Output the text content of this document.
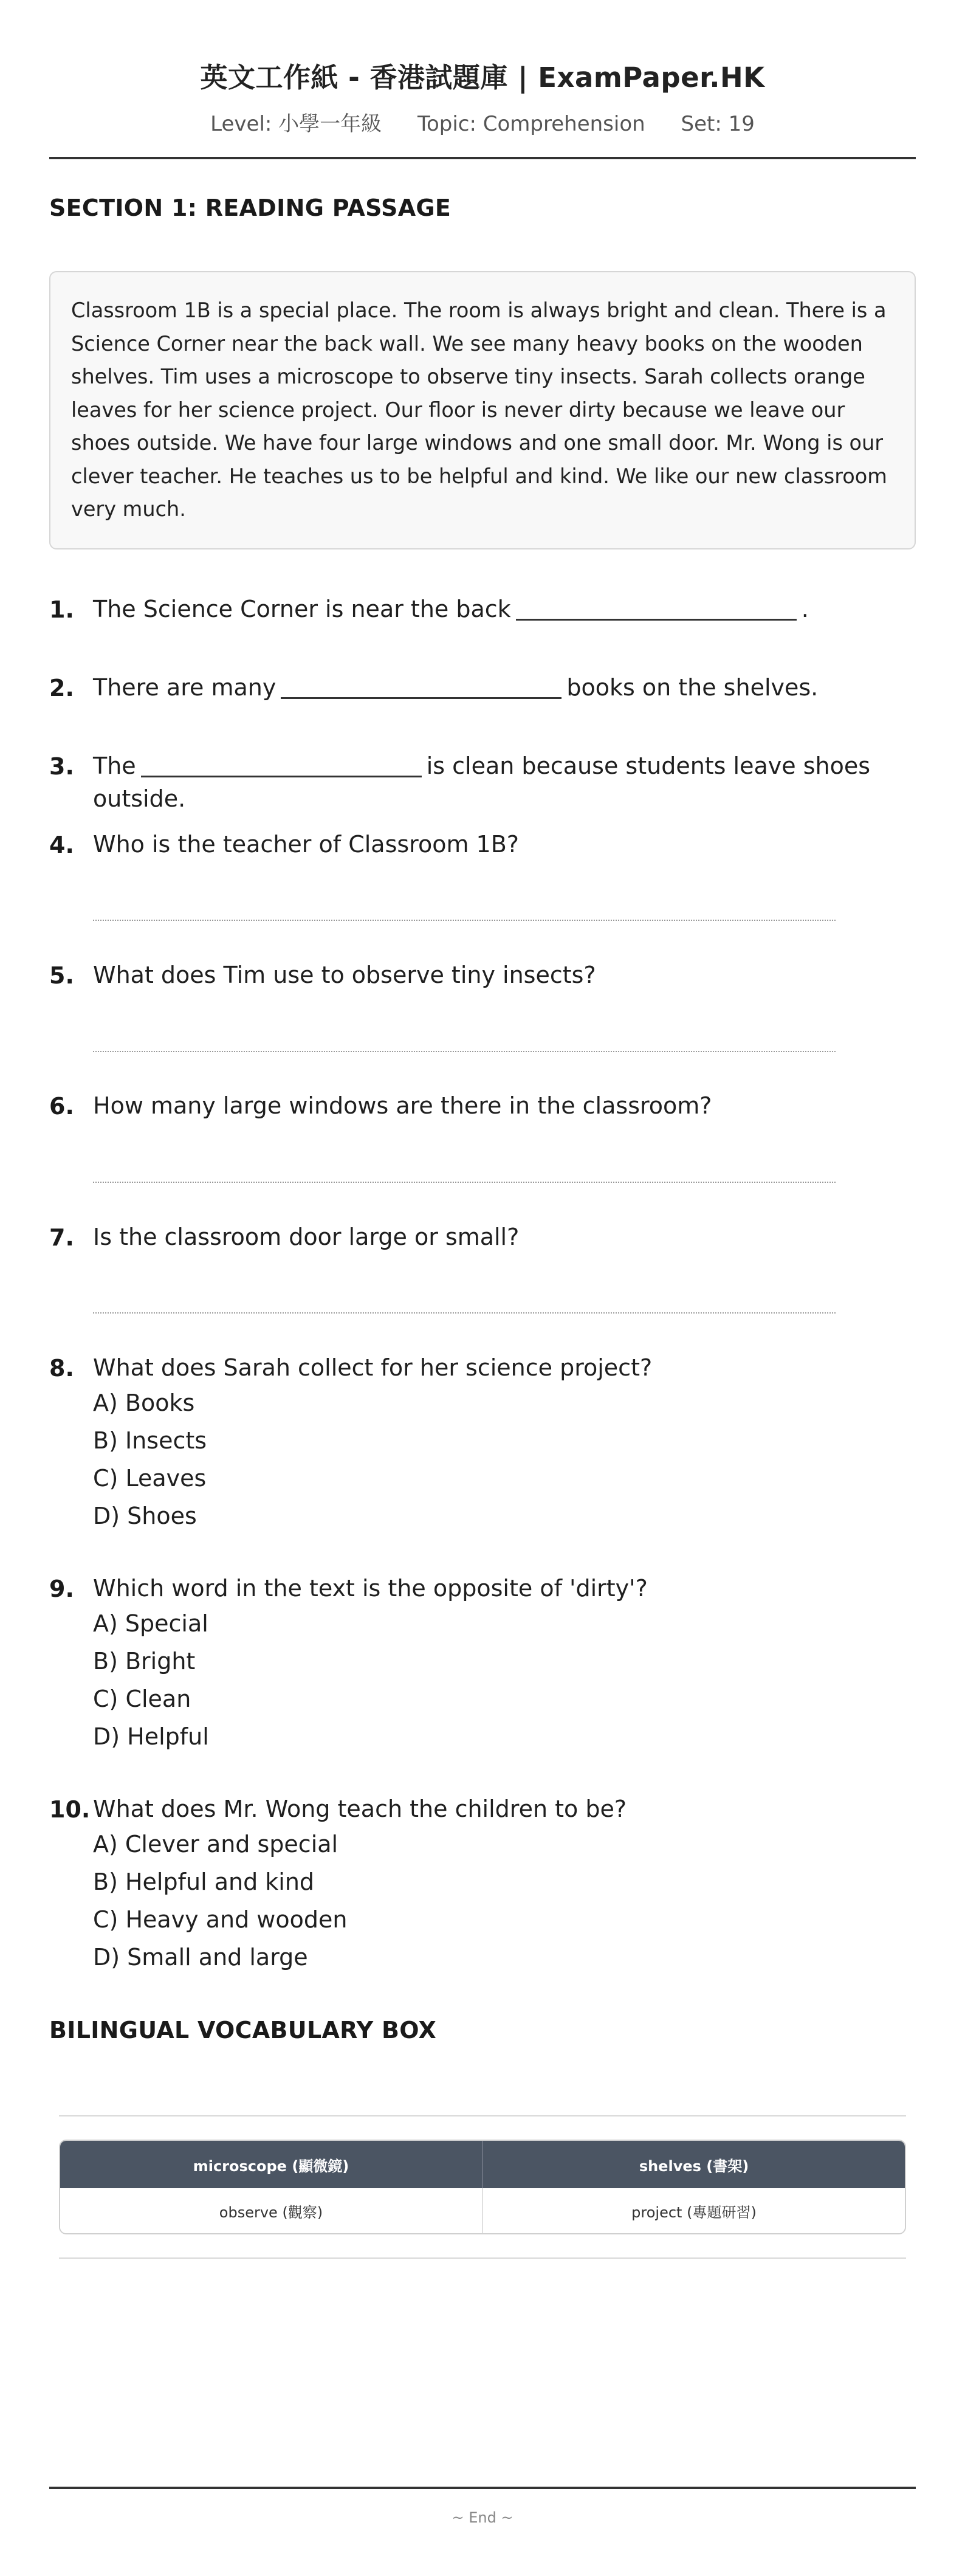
英文工作紙 - 香港試題庫 | ExamPaper.HK
Level: 小學一年級 Topic: Comprehension Set: 19
SECTION 1: READING PASSAGE
Classroom 1B is a special place. The room is always bright and clean. There is a Science Corner near the back wall. We see many heavy books on the wooden shelves. Tim uses a microscope to observe tiny insects. Sarah collects orange leaves for her science project. Our floor is never dirty because we leave our shoes outside. We have four large windows and one small door. Mr. Wong is our clever teacher. He teaches us to be helpful and kind. We like our new classroom very much.
1. The Science Corner is near the back	.
2. There are many	books on the shelves.
3. The	is clean because students leave shoes outside.
4. Who is the teacher of Classroom 1B?
5. What does Tim use to observe tiny insects?
6. How many large windows are there in the classroom?
7. Is the classroom door large or small?
8. What does Sarah collect for her science project?
A) Books
B) Insects
C) Leaves
D) Shoes
9. Which word in the text is the opposite of 'dirty'?
A) Special
B) Bright
C) Clean
D) Helpful
10. What does Mr. Wong teach the children to be?
A) Clever and special
B) Helpful and kind
C) Heavy and wooden
D) Small and large
BILINGUAL VOCABULARY BOX
microscope (顯微鏡)	shelves (書架)
observe (觀察)	project (專題研習)
~ End ~
